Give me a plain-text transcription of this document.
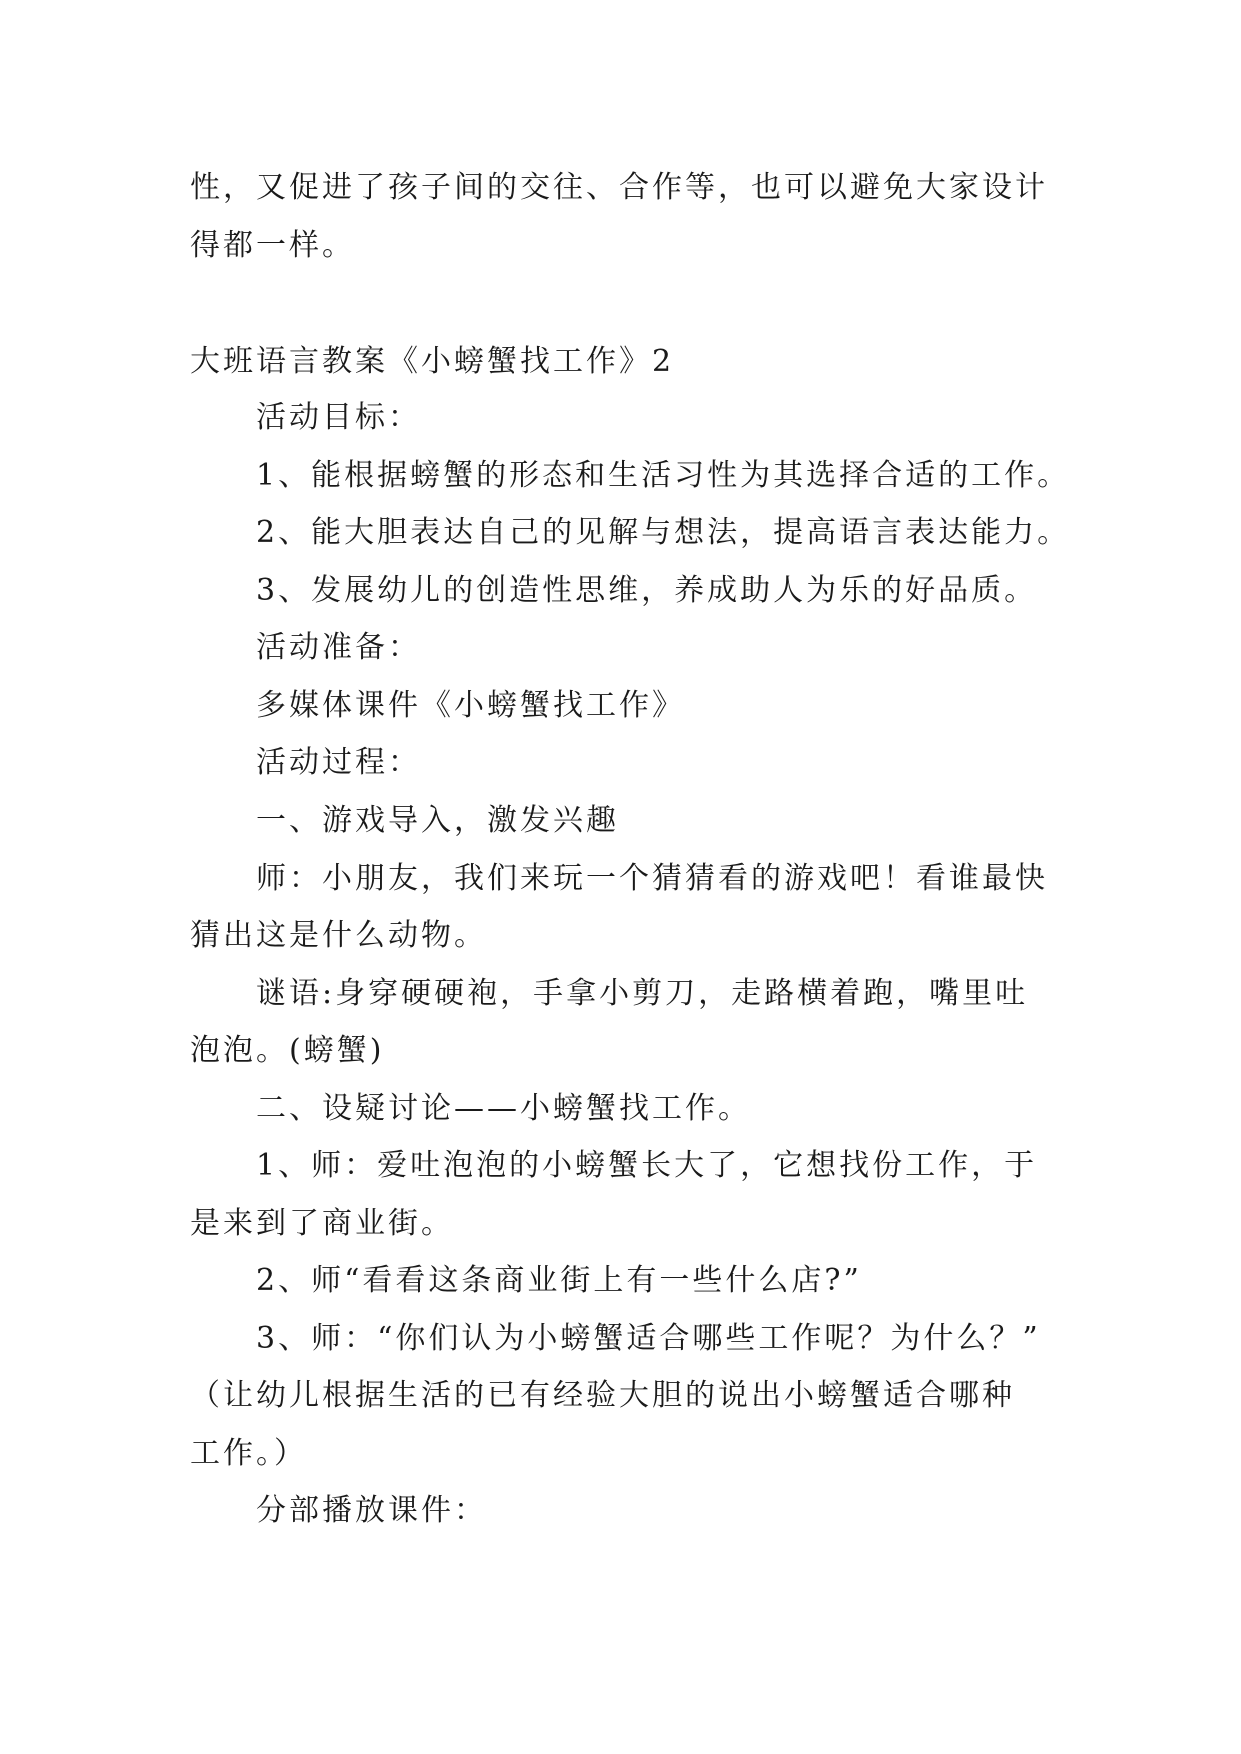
性，又促进了孩子间的交往、合作等，也可以避免大家设计
得都一样。
大班语言教案《小螃蟹找工作》2
活动目标：
1、能根据螃蟹的形态和生活习性为其选择合适的工作。
2、能大胆表达自己的见解与想法，提高语言表达能力。
3、发展幼儿的创造性思维，养成助人为乐的好品质。
活动准备：
多媒体课件《小螃蟹找工作》
活动过程：
一、游戏导入，激发兴趣
师：小朋友，我们来玩一个猜猜看的游戏吧！看谁最快
猜出这是什么动物。
谜语:身穿硬硬袍，手拿小剪刀，走路横着跑，嘴里吐
泡泡。(螃蟹)
二、设疑讨论——小螃蟹找工作。
1、师：爱吐泡泡的小螃蟹长大了，它想找份工作，于
是来到了商业街。
2、师“看看这条商业街上有一些什么店?”
3、师：“你们认为小螃蟹适合哪些工作呢？为什么？”
（让幼儿根据生活的已有经验大胆的说出小螃蟹适合哪种
工作。）
分部播放课件：
